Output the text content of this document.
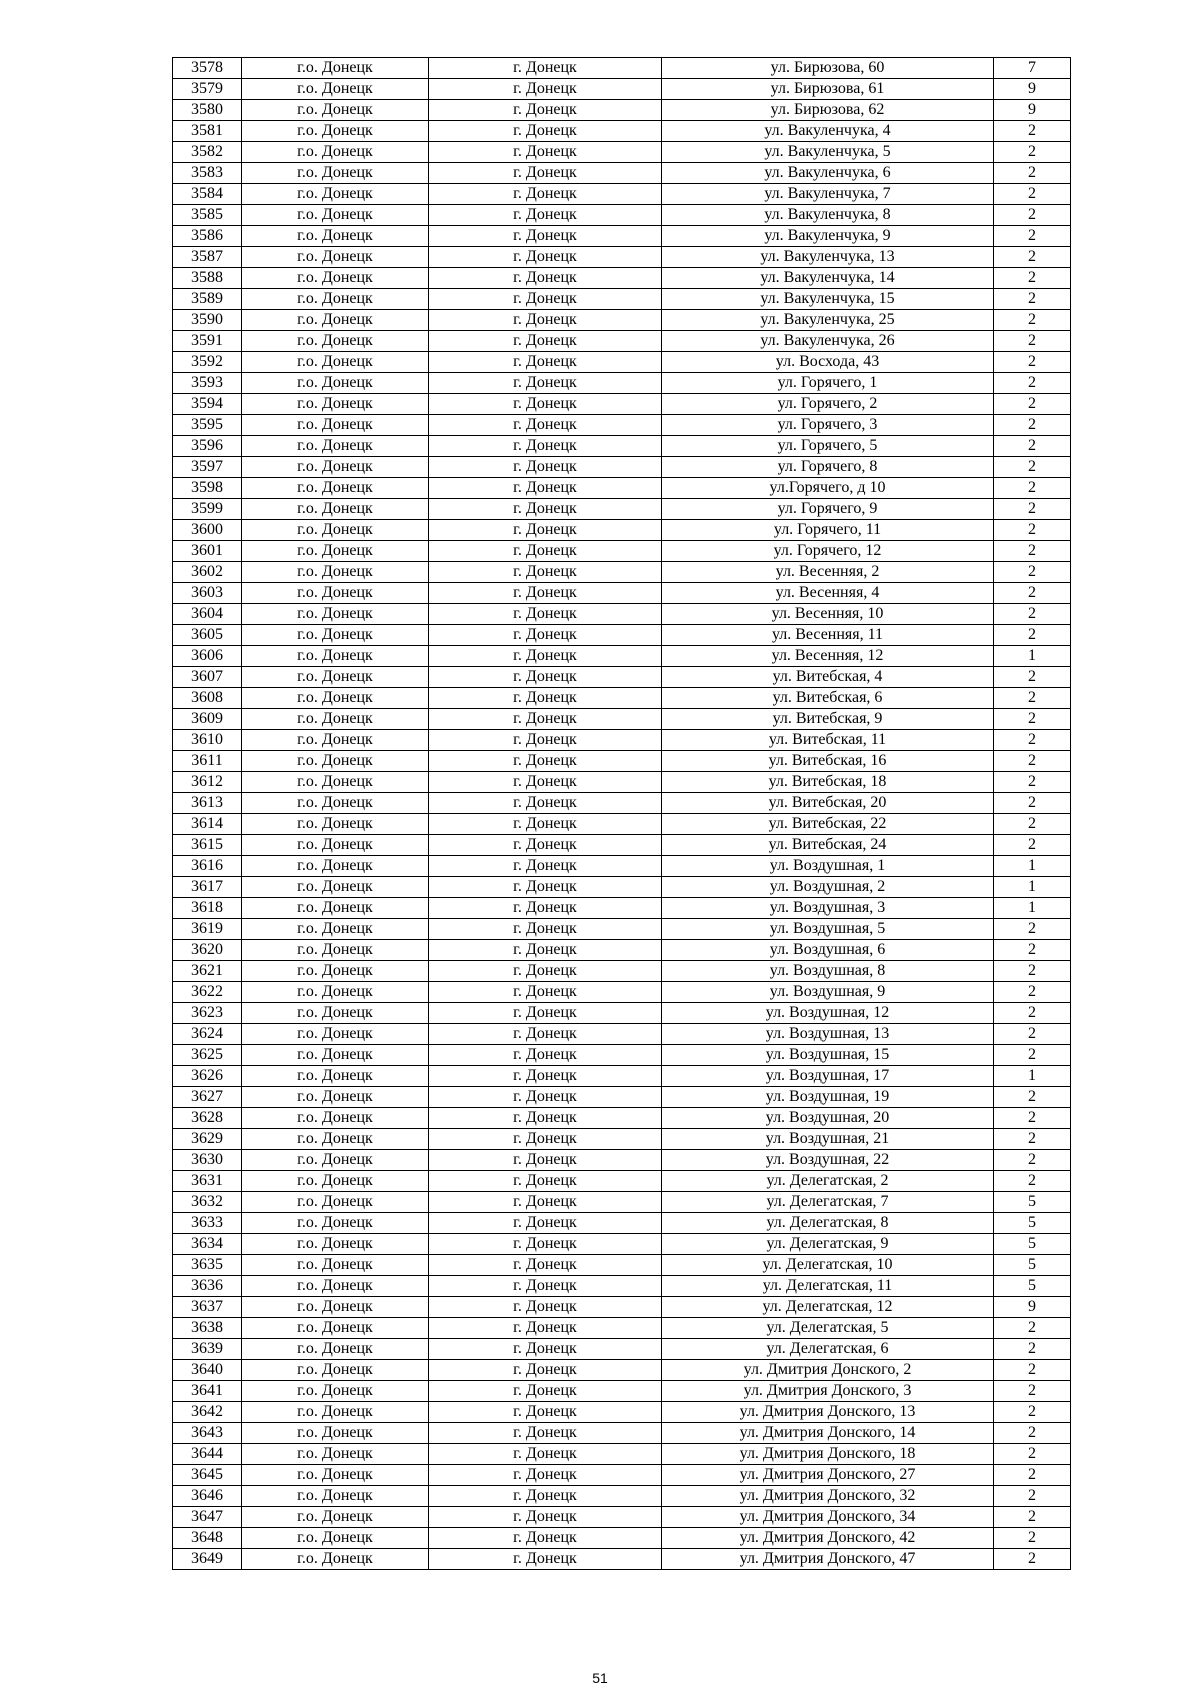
3578	г.о. Донецк	г. Донецк	ул. Бирюзова, 60	7
3579	г.о. Донецк	г. Донецк	ул. Бирюзова, 61	9
3580	г.о. Донецк	г. Донецк	ул. Бирюзова, 62	9
3581	г.о. Донецк	г. Донецк	ул. Вакуленчука, 4	2
3582	г.о. Донецк	г. Донецк	ул. Вакуленчука, 5	2
3583	г.о. Донецк	г. Донецк	ул. Вакуленчука, 6	2
3584	г.о. Донецк	г. Донецк	ул. Вакуленчука, 7	2
3585	г.о. Донецк	г. Донецк	ул. Вакуленчука, 8	2
3586	г.о. Донецк	г. Донецк	ул. Вакуленчука, 9	2
3587	г.о. Донецк	г. Донецк	ул. Вакуленчука, 13	2
3588	г.о. Донецк	г. Донецк	ул. Вакуленчука, 14	2
3589	г.о. Донецк	г. Донецк	ул. Вакуленчука, 15	2
3590	г.о. Донецк	г. Донецк	ул. Вакуленчука, 25	2
3591	г.о. Донецк	г. Донецк	ул. Вакуленчука, 26	2
3592	г.о. Донецк	г. Донецк	ул. Восхода, 43	2
3593	г.о. Донецк	г. Донецк	ул. Горячего, 1	2
3594	г.о. Донецк	г. Донецк	ул. Горячего, 2	2
3595	г.о. Донецк	г. Донецк	ул. Горячего, 3	2
3596	г.о. Донецк	г. Донецк	ул. Горячего, 5	2
3597	г.о. Донецк	г. Донецк	ул. Горячего, 8	2
3598	г.о. Донецк	г. Донецк	ул.Горячего, д 10	2
3599	г.о. Донецк	г. Донецк	ул. Горячего, 9	2
3600	г.о. Донецк	г. Донецк	ул. Горячего, 11	2
3601	г.о. Донецк	г. Донецк	ул. Горячего, 12	2
3602	г.о. Донецк	г. Донецк	ул. Весенняя, 2	2
3603	г.о. Донецк	г. Донецк	ул. Весенняя, 4	2
3604	г.о. Донецк	г. Донецк	ул. Весенняя, 10	2
3605	г.о. Донецк	г. Донецк	ул. Весенняя, 11	2
3606	г.о. Донецк	г. Донецк	ул. Весенняя, 12	1
3607	г.о. Донецк	г. Донецк	ул. Витебская, 4	2
3608	г.о. Донецк	г. Донецк	ул. Витебская, 6	2
3609	г.о. Донецк	г. Донецк	ул. Витебская, 9	2
3610	г.о. Донецк	г. Донецк	ул. Витебская, 11	2
3611	г.о. Донецк	г. Донецк	ул. Витебская, 16	2
3612	г.о. Донецк	г. Донецк	ул. Витебская, 18	2
3613	г.о. Донецк	г. Донецк	ул. Витебская, 20	2
3614	г.о. Донецк	г. Донецк	ул. Витебская, 22	2
3615	г.о. Донецк	г. Донецк	ул. Витебская, 24	2
3616	г.о. Донецк	г. Донецк	ул. Воздушная, 1	1
3617	г.о. Донецк	г. Донецк	ул. Воздушная, 2	1
3618	г.о. Донецк	г. Донецк	ул. Воздушная, 3	1
3619	г.о. Донецк	г. Донецк	ул. Воздушная, 5	2
3620	г.о. Донецк	г. Донецк	ул. Воздушная, 6	2
3621	г.о. Донецк	г. Донецк	ул. Воздушная, 8	2
3622	г.о. Донецк	г. Донецк	ул. Воздушная, 9	2
3623	г.о. Донецк	г. Донецк	ул. Воздушная, 12	2
3624	г.о. Донецк	г. Донецк	ул. Воздушная, 13	2
3625	г.о. Донецк	г. Донецк	ул. Воздушная, 15	2
3626	г.о. Донецк	г. Донецк	ул. Воздушная, 17	1
3627	г.о. Донецк	г. Донецк	ул. Воздушная, 19	2
3628	г.о. Донецк	г. Донецк	ул. Воздушная, 20	2
3629	г.о. Донецк	г. Донецк	ул. Воздушная, 21	2
3630	г.о. Донецк	г. Донецк	ул. Воздушная, 22	2
3631	г.о. Донецк	г. Донецк	ул. Делегатская, 2	2
3632	г.о. Донецк	г. Донецк	ул. Делегатская, 7	5
3633	г.о. Донецк	г. Донецк	ул. Делегатская, 8	5
3634	г.о. Донецк	г. Донецк	ул. Делегатская, 9	5
3635	г.о. Донецк	г. Донецк	ул. Делегатская, 10	5
3636	г.о. Донецк	г. Донецк	ул. Делегатская, 11	5
3637	г.о. Донецк	г. Донецк	ул. Делегатская, 12	9
3638	г.о. Донецк	г. Донецк	ул. Делегатская, 5	2
3639	г.о. Донецк	г. Донецк	ул. Делегатская, 6	2
3640	г.о. Донецк	г. Донецк	ул. Дмитрия Донского, 2	2
3641	г.о. Донецк	г. Донецк	ул. Дмитрия Донского, 3	2
3642	г.о. Донецк	г. Донецк	ул. Дмитрия Донского, 13	2
3643	г.о. Донецк	г. Донецк	ул. Дмитрия Донского, 14	2
3644	г.о. Донецк	г. Донецк	ул. Дмитрия Донского, 18	2
3645	г.о. Донецк	г. Донецк	ул. Дмитрия Донского, 27	2
3646	г.о. Донецк	г. Донецк	ул. Дмитрия Донского, 32	2
3647	г.о. Донецк	г. Донецк	ул. Дмитрия Донского, 34	2
3648	г.о. Донецк	г. Донецк	ул. Дмитрия Донского, 42	2
3649	г.о. Донецк	г. Донецк	ул. Дмитрия Донского, 47	2
51
